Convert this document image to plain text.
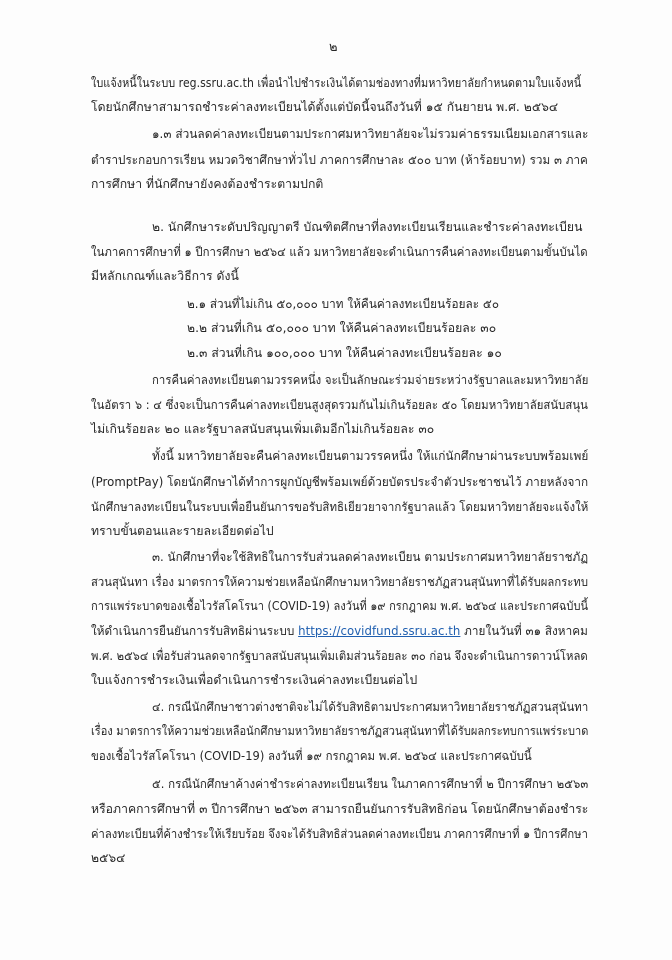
๒
ใบแจ้งหนี้ในระบบ reg.ssru.ac.th เพื่อนำไปชำระเงินได้ตามช่องทางที่มหาวิทยาลัยกำหนดตามใบแจ้งหนี้
โดยนักศึกษาสามารถชำระค่าลงทะเบียนได้ตั้งแต่บัดนี้จนถึงวันที่ ๑๕ กันยายน พ.ศ. ๒๕๖๔
๑.๓ ส่วนลดค่าลงทะเบียนตามประกาศมหาวิทยาลัยจะไม่รวมค่าธรรมเนียมเอกสารและ
ตำราประกอบการเรียน หมวดวิชาศึกษาทั่วไป ภาคการศึกษาละ ๕๐๐ บาท (ห้าร้อยบาท) รวม ๓ ภาค
การศึกษา ที่นักศึกษายังคงต้องชำระตามปกติ
๒. นักศึกษาระดับปริญญาตรี บัณฑิตศึกษาที่ลงทะเบียนเรียนและชำระค่าลงทะเบียน
ในภาคการศึกษาที่ ๑ ปีการศึกษา ๒๕๖๔ แล้ว มหาวิทยาลัยจะดำเนินการคืนค่าลงทะเบียนตามขั้นบันได
มีหลักเกณฑ์และวิธีการ ดังนี้
๒.๑ ส่วนที่ไม่เกิน ๕๐,๐๐๐ บาท ให้คืนค่าลงทะเบียนร้อยละ ๕๐
๒.๒ ส่วนที่เกิน ๕๐,๐๐๐ บาท ให้คืนค่าลงทะเบียนร้อยละ ๓๐
๒.๓ ส่วนที่เกิน ๑๐๐,๐๐๐ บาท ให้คืนค่าลงทะเบียนร้อยละ ๑๐
การคืนค่าลงทะเบียนตามวรรคหนึ่ง จะเป็นลักษณะร่วมจ่ายระหว่างรัฐบาลและมหาวิทยาลัย
ในอัตรา ๖ : ๔ ซึ่งจะเป็นการคืนค่าลงทะเบียนสูงสุดรวมกันไม่เกินร้อยละ ๕๐ โดยมหาวิทยาลัยสนับสนุน
ไม่เกินร้อยละ ๒๐ และรัฐบาลสนับสนุนเพิ่มเติมอีกไม่เกินร้อยละ ๓๐
ทั้งนี้ มหาวิทยาลัยจะคืนค่าลงทะเบียนตามวรรคหนึ่ง ให้แก่นักศึกษาผ่านระบบพร้อมเพย์
(PromptPay) โดยนักศึกษาได้ทำการผูกบัญชีพร้อมเพย์ด้วยบัตรประจำตัวประชาชนไว้ ภายหลังจาก
นักศึกษาลงทะเบียนในระบบเพื่อยืนยันการขอรับสิทธิเยียวยาจากรัฐบาลแล้ว โดยมหาวิทยาลัยจะแจ้งให้
ทราบขั้นตอนและรายละเอียดต่อไป
๓. นักศึกษาที่จะใช้สิทธิในการรับส่วนลดค่าลงทะเบียน ตามประกาศมหาวิทยาลัยราชภัฏ
สวนสุนันทา เรื่อง มาตรการให้ความช่วยเหลือนักศึกษามหาวิทยาลัยราชภัฏสวนสุนันทาที่ได้รับผลกระทบ
การแพร่ระบาดของเชื้อไวรัสโคโรนา (COVID-19) ลงวันที่ ๑๙ กรกฎาคม พ.ศ. ๒๕๖๔ และประกาศฉบับนี้
ให้ดำเนินการยืนยันการรับสิทธิผ่านระบบ https://covidfund.ssru.ac.th ภายในวันที่ ๓๑ สิงหาคม
พ.ศ. ๒๕๖๔ เพื่อรับส่วนลดจากรัฐบาลสนับสนุนเพิ่มเติมส่วนร้อยละ ๓๐ ก่อน จึงจะดำเนินการดาวน์โหลด
ใบแจ้งการชำระเงินเพื่อดำเนินการชำระเงินค่าลงทะเบียนต่อไป
๔. กรณีนักศึกษาชาวต่างชาติจะไม่ได้รับสิทธิตามประกาศมหาวิทยาลัยราชภัฏสวนสุนันทา
เรื่อง มาตรการให้ความช่วยเหลือนักศึกษามหาวิทยาลัยราชภัฏสวนสุนันทาที่ได้รับผลกระทบการแพร่ระบาด
ของเชื้อไวรัสโคโรนา (COVID-19) ลงวันที่ ๑๙ กรกฎาคม พ.ศ. ๒๕๖๔ และประกาศฉบับนี้
๕. กรณีนักศึกษาค้างค่าชำระค่าลงทะเบียนเรียน ในภาคการศึกษาที่ ๒ ปีการศึกษา ๒๕๖๓
หรือภาคการศึกษาที่ ๓ ปีการศึกษา ๒๕๖๓ สามารถยืนยันการรับสิทธิก่อน โดยนักศึกษาต้องชำระ
ค่าลงทะเบียนที่ค้างชำระให้เรียบร้อย จึงจะได้รับสิทธิส่วนลดค่าลงทะเบียน ภาคการศึกษาที่ ๑ ปีการศึกษา
๒๕๖๔
